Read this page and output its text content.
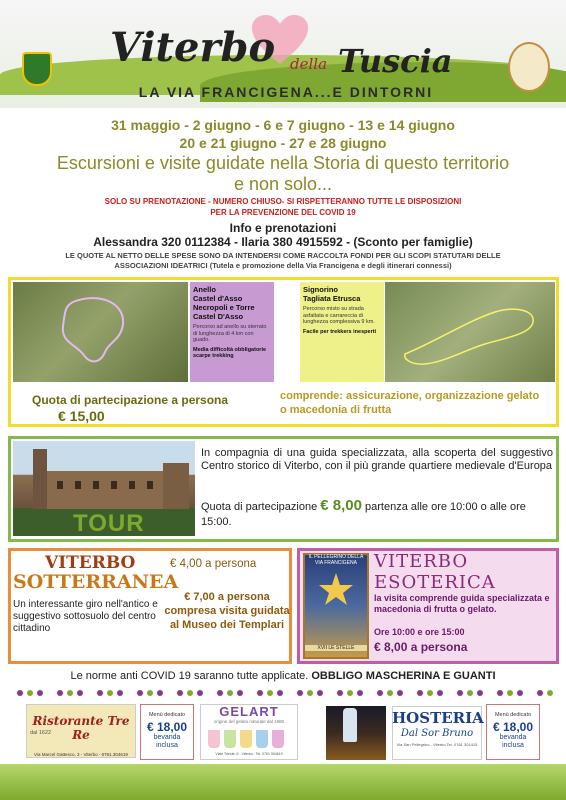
Viterbo della Tuscia
LA VIA FRANCIGENA...E DINTORNI
31 maggio - 2 giugno - 6 e 7 giugno - 13 e 14 giugno
20 e 21 giugno - 27 e 28 giugno
Escursioni e visite guidate nella Storia di questo territorio
e non solo...
SOLO SU PRENOTAZIONE - NUMERO CHIUSO- SI RISPETTERANNO TUTTE LE DISPOSIZIONI
PER LA PREVENZIONE DEL COVID 19
Info e prenotazioni
Alessandra 320 0112384 - Ilaria 380 4915592 - (Sconto per famiglie)
LE QUOTE AL NETTO DELLE SPESE SONO DA INTENDERSI COME RACCOLTA FONDI PER GLI SCOPI STATUTARI DELLE
ASSOCIAZIONI IDEATRICI (Tutela e promozione della Via Francigena e degli itinerari connessi)
Anello
Castel d'Asso
Necropoli e Torre
Castel D'Asso
Percorso ad anello su sterrato di lunghezza di 4 km con guado.
Media difficoltà obbligatorie scarpe trekking
Signorino
Tagliata Etrusca
Percorso misto su strada asfaltata e carrareccia di lunghezza complessiva 9 km.
Facile per trekkers inesperti
Quota di partecipazione a persona
€ 15,00
comprende: assicurazione, organizzazione gelato o macedonia di frutta
TOUR
In compagnia di una guida specializzata, alla scoperta del suggestivo Centro storico di Viterbo, con il più grande quartiere medievale d'Europa
Quota di partecipazione € 8,00 partenza alle ore 10:00 o alle ore 15:00.
VITERBO
SOTTERRANEA
Un interessante giro nell'antico e suggestivo sottosuolo del centro cittadino
€ 4,00 a persona
€ 7,00 a persona compresa visita guidata al Museo dei Templari
IL PELLEGRINO DELLA VIA FRANCIGENA
XVII LE STELLE
VITERBO
ESOTERICA
la visita comprende guida specializzata e macedonia di frutta o gelato.
Ore 10:00 e ore 15:00
€ 8,00 a persona
Le norme anti COVID 19 saranno tutte applicate. OBBLIGO MASCHERINA E GUANTI
Ristorante Tre Re
dal 1622
Via Marcel Gattesco, 3 - Viterbo - 0761.304619
Menù dedicato
€ 18,00
bevanda
inclusa
GELART
origine del gelato naturale dal 1980
Viale Trieste, 6 - Viterbo - Tel. 0761 304619
HOSTERIA
Dal Sor Bruno
Via San Pellegrino - Viterbo Tel. 0761 301415
Menù dedicato
€ 18,00
bevanda
inclusa
